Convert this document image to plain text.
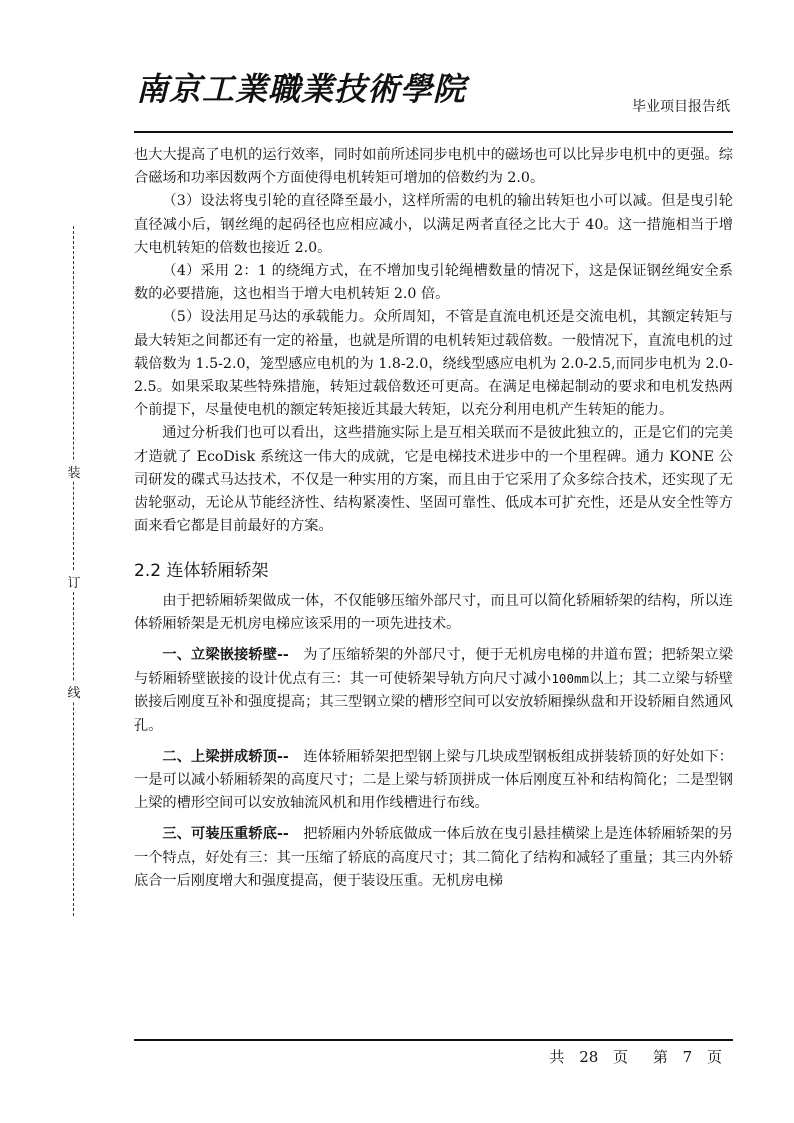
南京工業職業技術學院	毕业项目报告纸
装
订
线

也大大提高了电机的运行效率，同时如前所述同步电机中的磁场也可以比异步电机中的更强。综合磁场和功率因数两个方面使得电机转矩可增加的倍数约为 2.0。

（3）设法将曳引轮的直径降至最小，这样所需的电机的输出转矩也小可以减。但是曳引轮直径减小后，钢丝绳的起码径也应相应减小，以满足两者直径之比大于 40。这一措施相当于增大电机转矩的倍数也接近 2.0。

（4）采用 2：1 的绕绳方式，在不增加曳引轮绳槽数量的情况下，这是保证钢丝绳安全系数的必要措施，这也相当于增大电机转矩 2.0 倍。

（5）设法用足马达的承载能力。众所周知，不管是直流电机还是交流电机，其额定转矩与最大转矩之间都还有一定的裕量，也就是所谓的电机转矩过载倍数。一般情况下，直流电机的过载倍数为 1.5-2.0，笼型感应电机的为 1.8-2.0，绕线型感应电机为 2.0-2.5,而同步电机为 2.0-2.5。如果采取某些特殊措施，转矩过载倍数还可更高。在满足电梯起制动的要求和电机发热两个前提下，尽量使电机的额定转矩接近其最大转矩，以充分利用电机产生转矩的能力。

通过分析我们也可以看出，这些措施实际上是互相关联而不是彼此独立的，正是它们的完美才造就了 EcoDisk 系统这一伟大的成就，它是电梯技术进步中的一个里程碑。通力 KONE 公司研发的碟式马达技术，不仅是一种实用的方案，而且由于它采用了众多综合技术，还实现了无齿轮驱动，无论从节能经济性、结构紧凑性、坚固可靠性、低成本可扩充性，还是从安全性等方面来看它都是目前最好的方案。

2.2 连体轿厢轿架

由于把轿厢轿架做成一体，不仅能够压缩外部尺寸，而且可以简化轿厢轿架的结构，所以连体轿厢轿架是无机房电梯应该采用的一项先进技术。

一、立梁嵌接轿壁--　为了压缩轿架的外部尺寸，便于无机房电梯的井道布置；把轿架立梁与轿厢轿壁嵌接的设计优点有三：其一可使轿架导轨方向尺寸减小100mm以上；其二立梁与轿壁嵌接后刚度互补和强度提高；其三型钢立梁的槽形空间可以安放轿厢操纵盘和开设轿厢自然通风孔。

二、上梁拼成轿顶--　连体轿厢轿架把型钢上梁与几块成型钢板组成拼装轿顶的好处如下：一是可以减小轿厢轿架的高度尺寸；二是上梁与轿顶拼成一体后刚度互补和结构简化；二是型钢上梁的槽形空间可以安放轴流风机和用作线槽进行布线。

三、可装压重轿底--　把轿厢内外轿底做成一体后放在曳引悬挂横梁上是连体轿厢轿架的另一个特点，好处有三：其一压缩了轿底的高度尺寸；其二简化了结构和减轻了重量；其三内外轿底合一后刚度增大和强度提高，便于装设压重。无机房电梯

共 28 页 第 7 页
